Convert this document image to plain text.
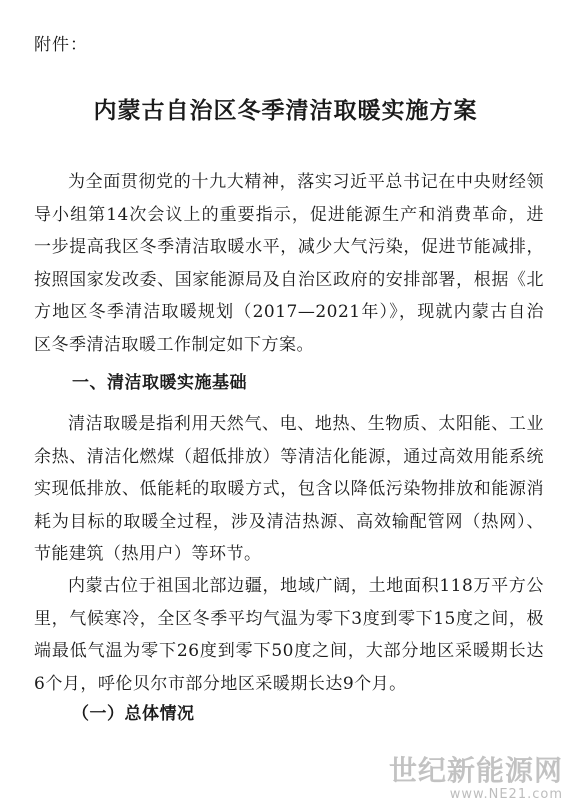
附件：
内蒙古自治区冬季清洁取暖实施方案

为全面贯彻党的十九大精神，落实习近平总书记在中央财经领导小组第14次会议上的重要指示，促进能源生产和消费革命，进一步提高我区冬季清洁取暖水平，减少大气污染，促进节能减排，按照国家发改委、国家能源局及自治区政府的安排部署，根据《北方地区冬季清洁取暖规划（2017—2021年）》，现就内蒙古自治区冬季清洁取暖工作制定如下方案。

一、清洁取暖实施基础

清洁取暖是指利用天然气、电、地热、生物质、太阳能、工业余热、清洁化燃煤（超低排放）等清洁化能源，通过高效用能系统实现低排放、低能耗的取暖方式，包含以降低污染物排放和能源消耗为目标的取暖全过程，涉及清洁热源、高效输配管网（热网）、节能建筑（热用户）等环节。

内蒙古位于祖国北部边疆，地域广阔，土地面积118万平方公里，气候寒冷，全区冬季平均气温为零下3度到零下15度之间，极端最低气温为零下26度到零下50度之间，大部分地区采暖期长达6个月，呼伦贝尔市部分地区采暖期长达9个月。

（一）总体情况
世纪新能源网
www.NE21.com
